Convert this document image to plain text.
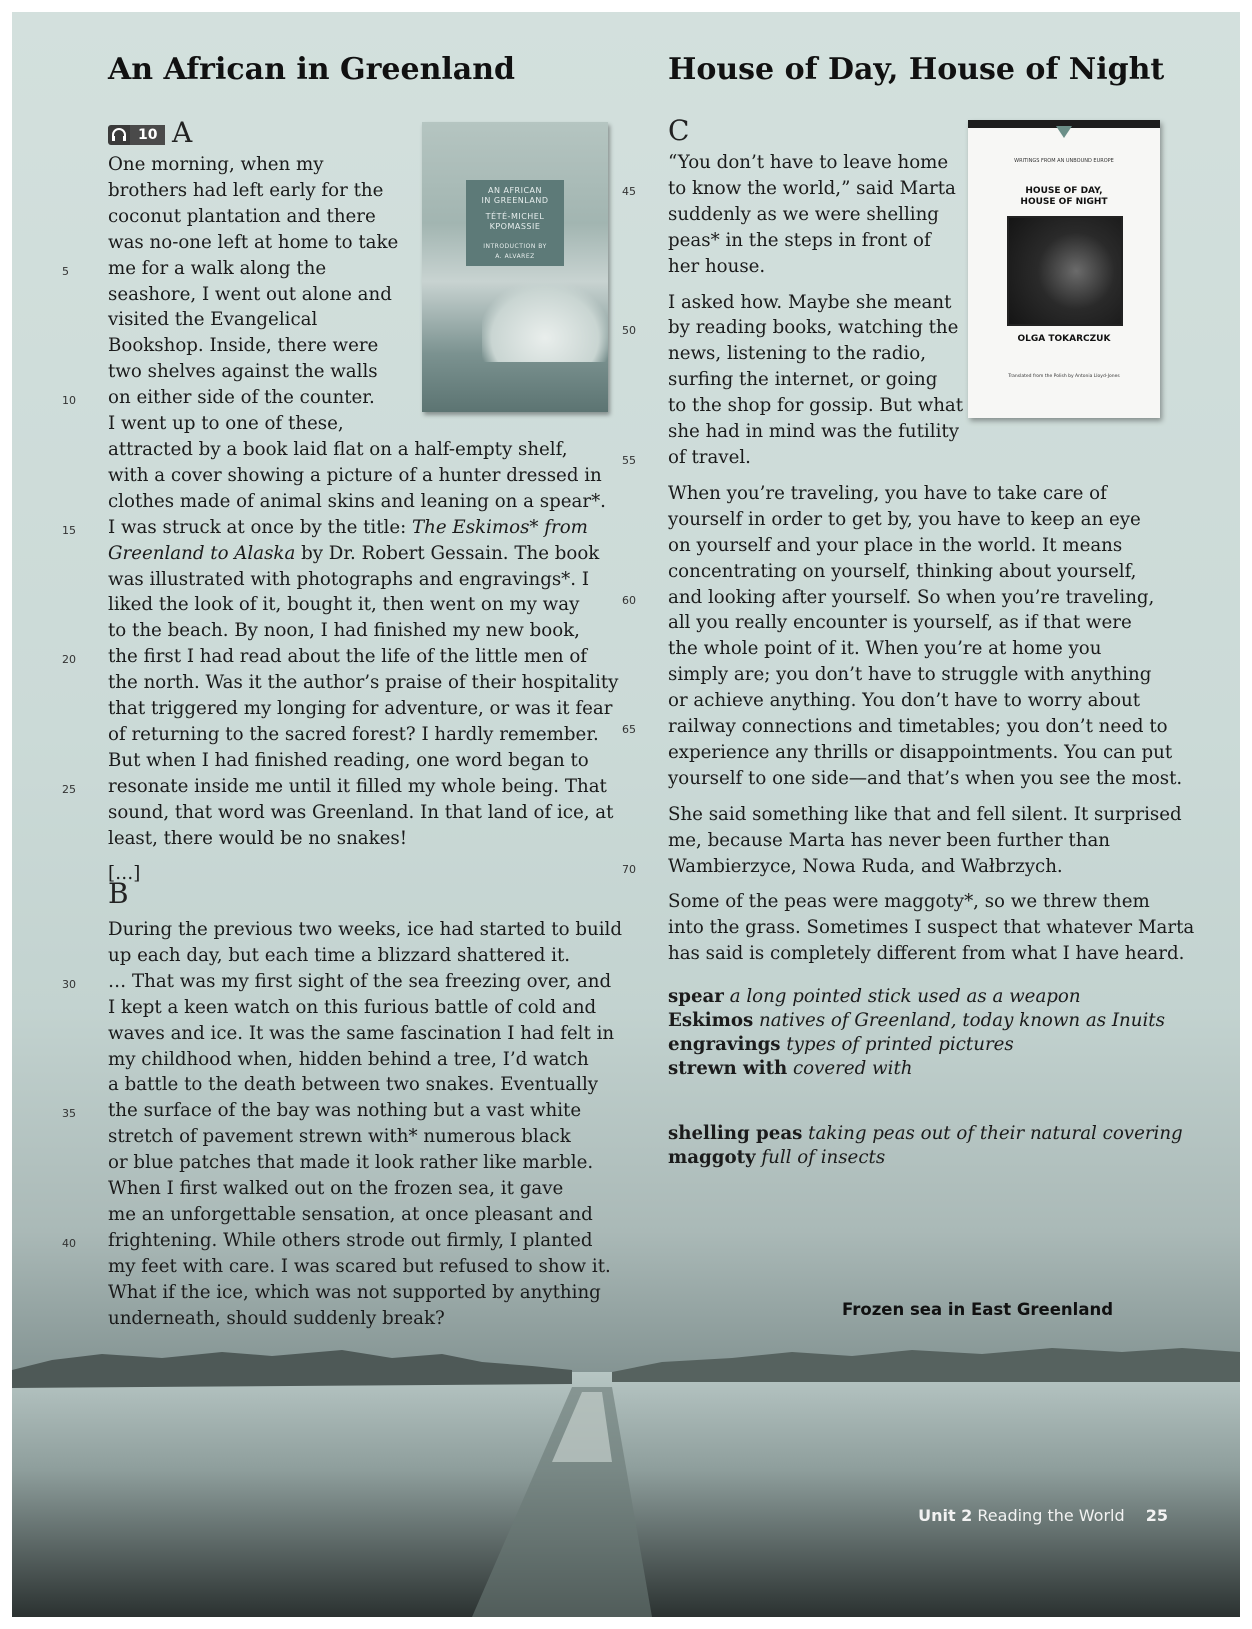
An African in Greenland
10 A
AN AFRICAN
IN GREENLAND
TÉTÉ-MICHEL
KPOMASSIE
INTRODUCTION BY
A. ALVAREZ

One morning, when my
brothers had left early for the
coconut plantation and there
was no-one left at home to take
5	me for a walk along the
seashore, I went out alone and
visited the Evangelical
Bookshop. Inside, there were
two shelves against the walls
10	on either side of the counter.
I went up to one of these,
attracted by a book laid flat on a half-empty shelf,
with a cover showing a picture of a hunter dressed in
clothes made of animal skins and leaning on a spear*.
15	I was struck at once by the title: The Eskimos* from
Greenland to Alaska by Dr. Robert Gessain. The book
was illustrated with photographs and engravings*. I
liked the look of it, bought it, then went on my way
to the beach. By noon, I had finished my new book,
20	the first I had read about the life of the little men of
the north. Was it the author’s praise of their hospitality
that triggered my longing for adventure, or was it fear
of returning to the sacred forest? I hardly remember.
But when I had finished reading, one word began to
25	resonate inside me until it filled my whole being. That
sound, that word was Greenland. In that land of ice, at
least, there would be no snakes!

[…]

B

During the previous two weeks, ice had started to build
up each day, but each time a blizzard shattered it.
30	… That was my first sight of the sea freezing over, and
I kept a keen watch on this furious battle of cold and
waves and ice. It was the same fascination I had felt in
my childhood when, hidden behind a tree, I’d watch
a battle to the death between two snakes. Eventually
35	the surface of the bay was nothing but a vast white
stretch of pavement strewn with* numerous black
or blue patches that made it look rather like marble.
When I first walked out on the frozen sea, it gave
me an unforgettable sensation, at once pleasant and
40	frightening. While others strode out firmly, I planted
my feet with care. I was scared but refused to show it.
What if the ice, which was not supported by anything
underneath, should suddenly break?

House of Day, House of Night
C
WRITINGS FROM AN UNBOUND EUROPE
HOUSE OF DAY,
HOUSE OF NIGHT
OLGA TOKARCZUK
Translated from the Polish by Antonia Lloyd-Jones

“You don’t have to leave home
45	to know the world,” said Marta
suddenly as we were shelling
peas* in the steps in front of
her house.

I asked how. Maybe she meant
50	by reading books, watching the
news, listening to the radio,
surfing the internet, or going
to the shop for gossip. But what
she had in mind was the futility
55	of travel.

When you’re traveling, you have to take care of
yourself in order to get by, you have to keep an eye
on yourself and your place in the world. It means
concentrating on yourself, thinking about yourself,
60	and looking after yourself. So when you’re traveling,
all you really encounter is yourself, as if that were
the whole point of it. When you’re at home you
simply are; you don’t have to struggle with anything
or achieve anything. You don’t have to worry about
65	railway connections and timetables; you don’t need to
experience any thrills or disappointments. You can put
yourself to one side—and that’s when you see the most.

She said something like that and fell silent. It surprised
me, because Marta has never been further than
70	Wambierzyce, Nowa Ruda, and Wałbrzych.

Some of the peas were maggoty*, so we threw them
into the grass. Sometimes I suspect that whatever Marta
has said is completely different from what I have heard.

spear a long pointed stick used as a weapon
Eskimos natives of Greenland, today known as Inuits
engravings types of printed pictures
strewn with covered with
shelling peas taking peas out of their natural covering
maggoty full of insects
Frozen sea in East Greenland
Unit 2 Reading the World 25
